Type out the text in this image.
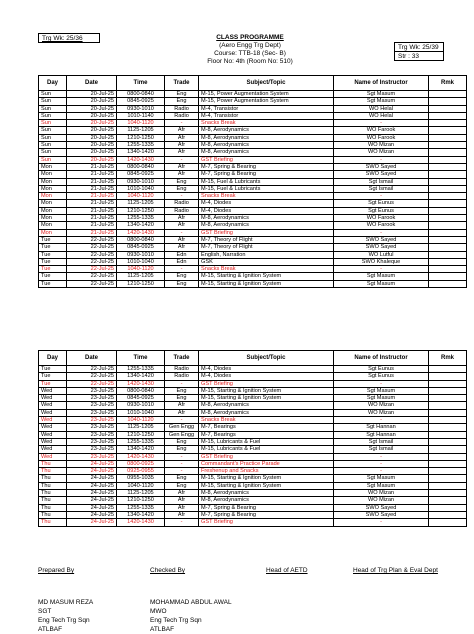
Trg Wk: 25/36	CLASS PROGRAMME
(Aero Engg Trg Dept)
Course: TTB-18 (Sec- B)
Floor No: 4th (Room No: 510)
Trg Wk: 25/39
Str : 33
Day	Date	Time	Trade	Subject/Topic	Name of Instructor	Rmk
Sun	20-Jul-25	0800-0840	Eng	M-15, Power Augmentation System	Sgt Masum	
Sun	20-Jul-25	0845-0925	Eng	M-15, Power Augmentation System	Sgt Masum	
Sun	20-Jul-25	0930-1010	Radio	M-4, Transistor	WO Helal	
Sun	20-Jul-25	1010-1140	Radio	M-4, Transistor	WO Helal	
Sun	20-Jul-25	1040-1120	-	Snacks Break	-	
Sun	20-Jul-25	1125-1205	Afr	M-8, Aerodynamics	WO Farook	
Sun	20-Jul-25	1210-1250	Afr	M-8, Aerodynamics	WO Farook	
Sun	20-Jul-25	1255-1335	Afr	M-8, Aerodynamics	WO Mizan	
Sun	20-Jul-25	1340-1420	Afr	M-8, Aerodynamics	WO Mizan	
Sun	20-Jul-25	1420-1430	-	GST Briefing	-	
Mon	21-Jul-25	0800-0840	Afr	M-7, Spring & Bearing	SWO Sayed	
Mon	21-Jul-25	0845-0925	Afr	M-7, Spring & Bearing	SWO Sayed	
Mon	21-Jul-25	0930-1010	Eng	M-15, Fuel & Lubricants	Sgt Ismail	
Mon	21-Jul-25	1010-1040	Eng	M-15, Fuel & Lubricants	Sgt Ismail	
Mon	21-Jul-25	1040-1120	-	Snacks Break	-	
Mon	21-Jul-25	1125-1205	Radio	M-4, Diodes	Sgt Eunus	
Mon	21-Jul-25	1210-1250	Radio	M-4, Diodes	Sgt Eunus	
Mon	21-Jul-25	1255-1335	Afr	M-8, Aerodynamics	WO Farook	
Mon	21-Jul-25	1340-1420	Afr	M-8, Aerodynamics	WO Farook	
Mon	21-Jul-25	1420-1430	-	GST Briefing	-	
Tue	22-Jul-25	0800-0840	Afr	M-7, Theory of Flight	SWO Sayed	
Tue	22-Jul-25	0845-0925	Afr	M-7, Theory of Flight	SWO Sayed	
Tue	22-Jul-25	0930-1010	Edn	English, Narration	WO Lutful	
Tue	22-Jul-25	1010-1040	Edn	GSK	SWO Khaleque	
Tue	22-Jul-25	1040-1120	-	Snacks Break	-	
Tue	22-Jul-25	1125-1205	Eng	M-15, Starting & Ignition System	Sgt Masum	
Tue	22-Jul-25	1210-1250	Eng	M-15, Starting & Ignition System	Sgt Masum	
Day	Date	Time	Trade	Subject/Topic	Name of Instructor	Rmk
Tue	22-Jul-25	1255-1335	Radio	M-4, Diodes	Sgt Eunus	
Tue	22-Jul-25	1340-1420	Radio	M-4, Diodes	Sgt Eunus	
Tue	22-Jul-25	1420-1430	-	GST Briefing	-	
Wed	23-Jul-25	0800-0840	Eng	M-15, Starting & Ignition System	Sgt Masum	
Wed	23-Jul-25	0845-0925	Eng	M-15, Starting & Ignition System	Sgt Masum	
Wed	23-Jul-25	0930-1010	Afr	M-8, Aerodynamics	WO Mizan	
Wed	23-Jul-25	1010-1040	Afr	M-8, Aerodynamics	WO Mizan	
Wed	23-Jul-25	1040-1120	-	Snacks Break	-	
Wed	23-Jul-25	1125-1205	Gen Engg	M-7, Bearings	Sgt Hannan	
Wed	23-Jul-25	1210-1250	Gen Engg	M-7, Bearings	Sgt Hannan	
Wed	23-Jul-25	1255-1335	Eng	M-15, Lubricants & Fuel	Sgt Ismail	
Wed	23-Jul-25	1340-1420	Eng	M-15, Lubricants & Fuel	Sgt Ismail	
Wed	23-Jul-25	1420-1430	-	GST Briefing	-	
Thu	24-Jul-25	0800-0925	-	Commandant's Practice Parade	-	
Thu	24-Jul-25	0925-0955	-	Freshenup and Snacks	-	
Thu	24-Jul-25	0955-1035	Eng	M-15, Starting & Ignition System	Sgt Masum	
Thu	24-Jul-25	1040-1120	Eng	M-15, Starting & Ignition System	Sgt Masum	
Thu	24-Jul-25	1125-1205	Afr	M-8, Aerodynamics	WO Mizan	
Thu	24-Jul-25	1210-1250	Afr	M-8, Aerodynamics	WO Mizan	
Thu	24-Jul-25	1255-1335	Afr	M-7, Spring & Bearing	SWO Sayed	
Thu	24-Jul-25	1340-1420	Afr	M-7, Spring & Bearing	SWO Sayed	
Thu	24-Jul-25	1420-1430	-	GST Briefing	-	
Prepared By	Checked By	Head of AETD	Head of Trg Plan & Eval Dept
MD MASUM REZA
SGT
Eng Tech Trg Sqn
ATLBAF
MOHAMMAD ABDUL AWAL
MWO
Eng Tech Trg Sqn
ATLBAF
